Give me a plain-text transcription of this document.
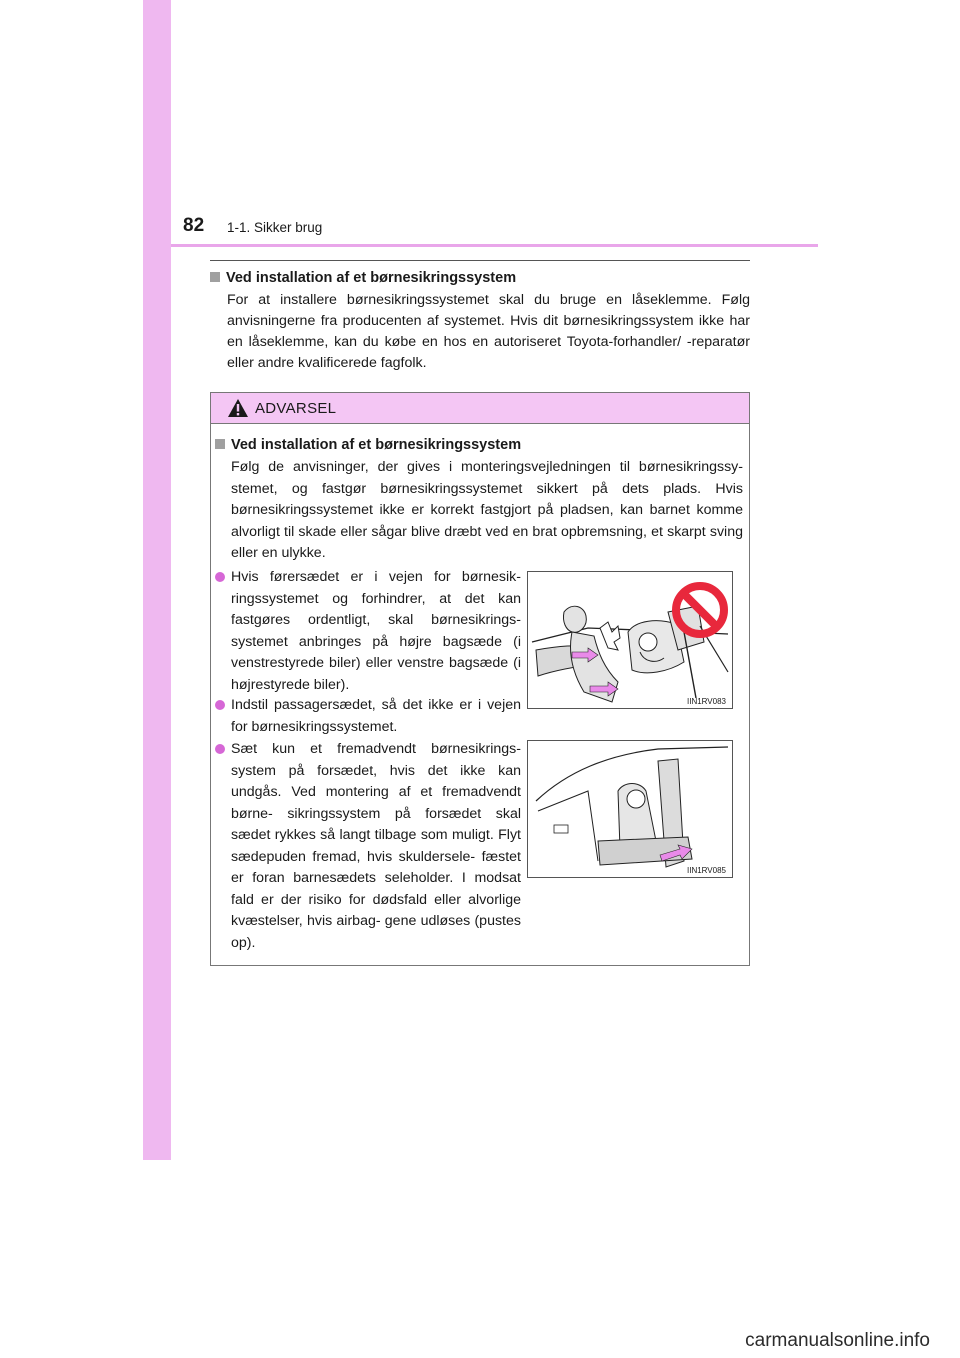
82 1-1. Sikker brug
Ved installation af et børnesikringssystem
For at installere børnesikringssystemet skal du bruge en låseklemme. Følg anvisningerne fra producenten af systemet. Hvis dit børnesikringssystem ikke har en låseklemme, kan du købe en hos en autoriseret Toyota-forhandler/ -reparatør eller andre kvalificerede fagfolk.
ADVARSEL
Ved installation af et børnesikringssystem
Følg de anvisninger, der gives i monteringsvejledningen til børnesikringssy- stemet, og fastgør børnesikringssystemet sikkert på dets plads. Hvis børnesikringssystemet ikke er korrekt fastgjort på pladsen, kan barnet komme alvorligt til skade eller sågar blive dræbt ved en brat opbremsning, et skarpt sving eller en ulykke.
Hvis førersædet er i vejen for børnesik- ringssystemet og forhindrer, at det kan fastgøres ordentligt, skal børnesikrings- systemet anbringes på højre bagsæde (i venstrestyrede biler) eller venstre bagsæde (i højrestyrede biler).
Indstil passagersædet, så det ikke er i vejen for børnesikringssystemet.
Sæt kun et fremadvendt børnesikrings- system på forsædet, hvis det ikke kan undgås. Ved montering af et fremadvendt børne- sikringssystem på forsædet skal sædet rykkes så langt tilbage som muligt. Flyt sædepuden fremad, hvis skuldersele- fæstet er foran barnesædets seleholder. I modsat fald er der risiko for dødsfald eller alvorlige kvæstelser, hvis airbag- gene udløses (pustes op).
IIN1RV083
IIN1RV085
carmanualsonline.info
